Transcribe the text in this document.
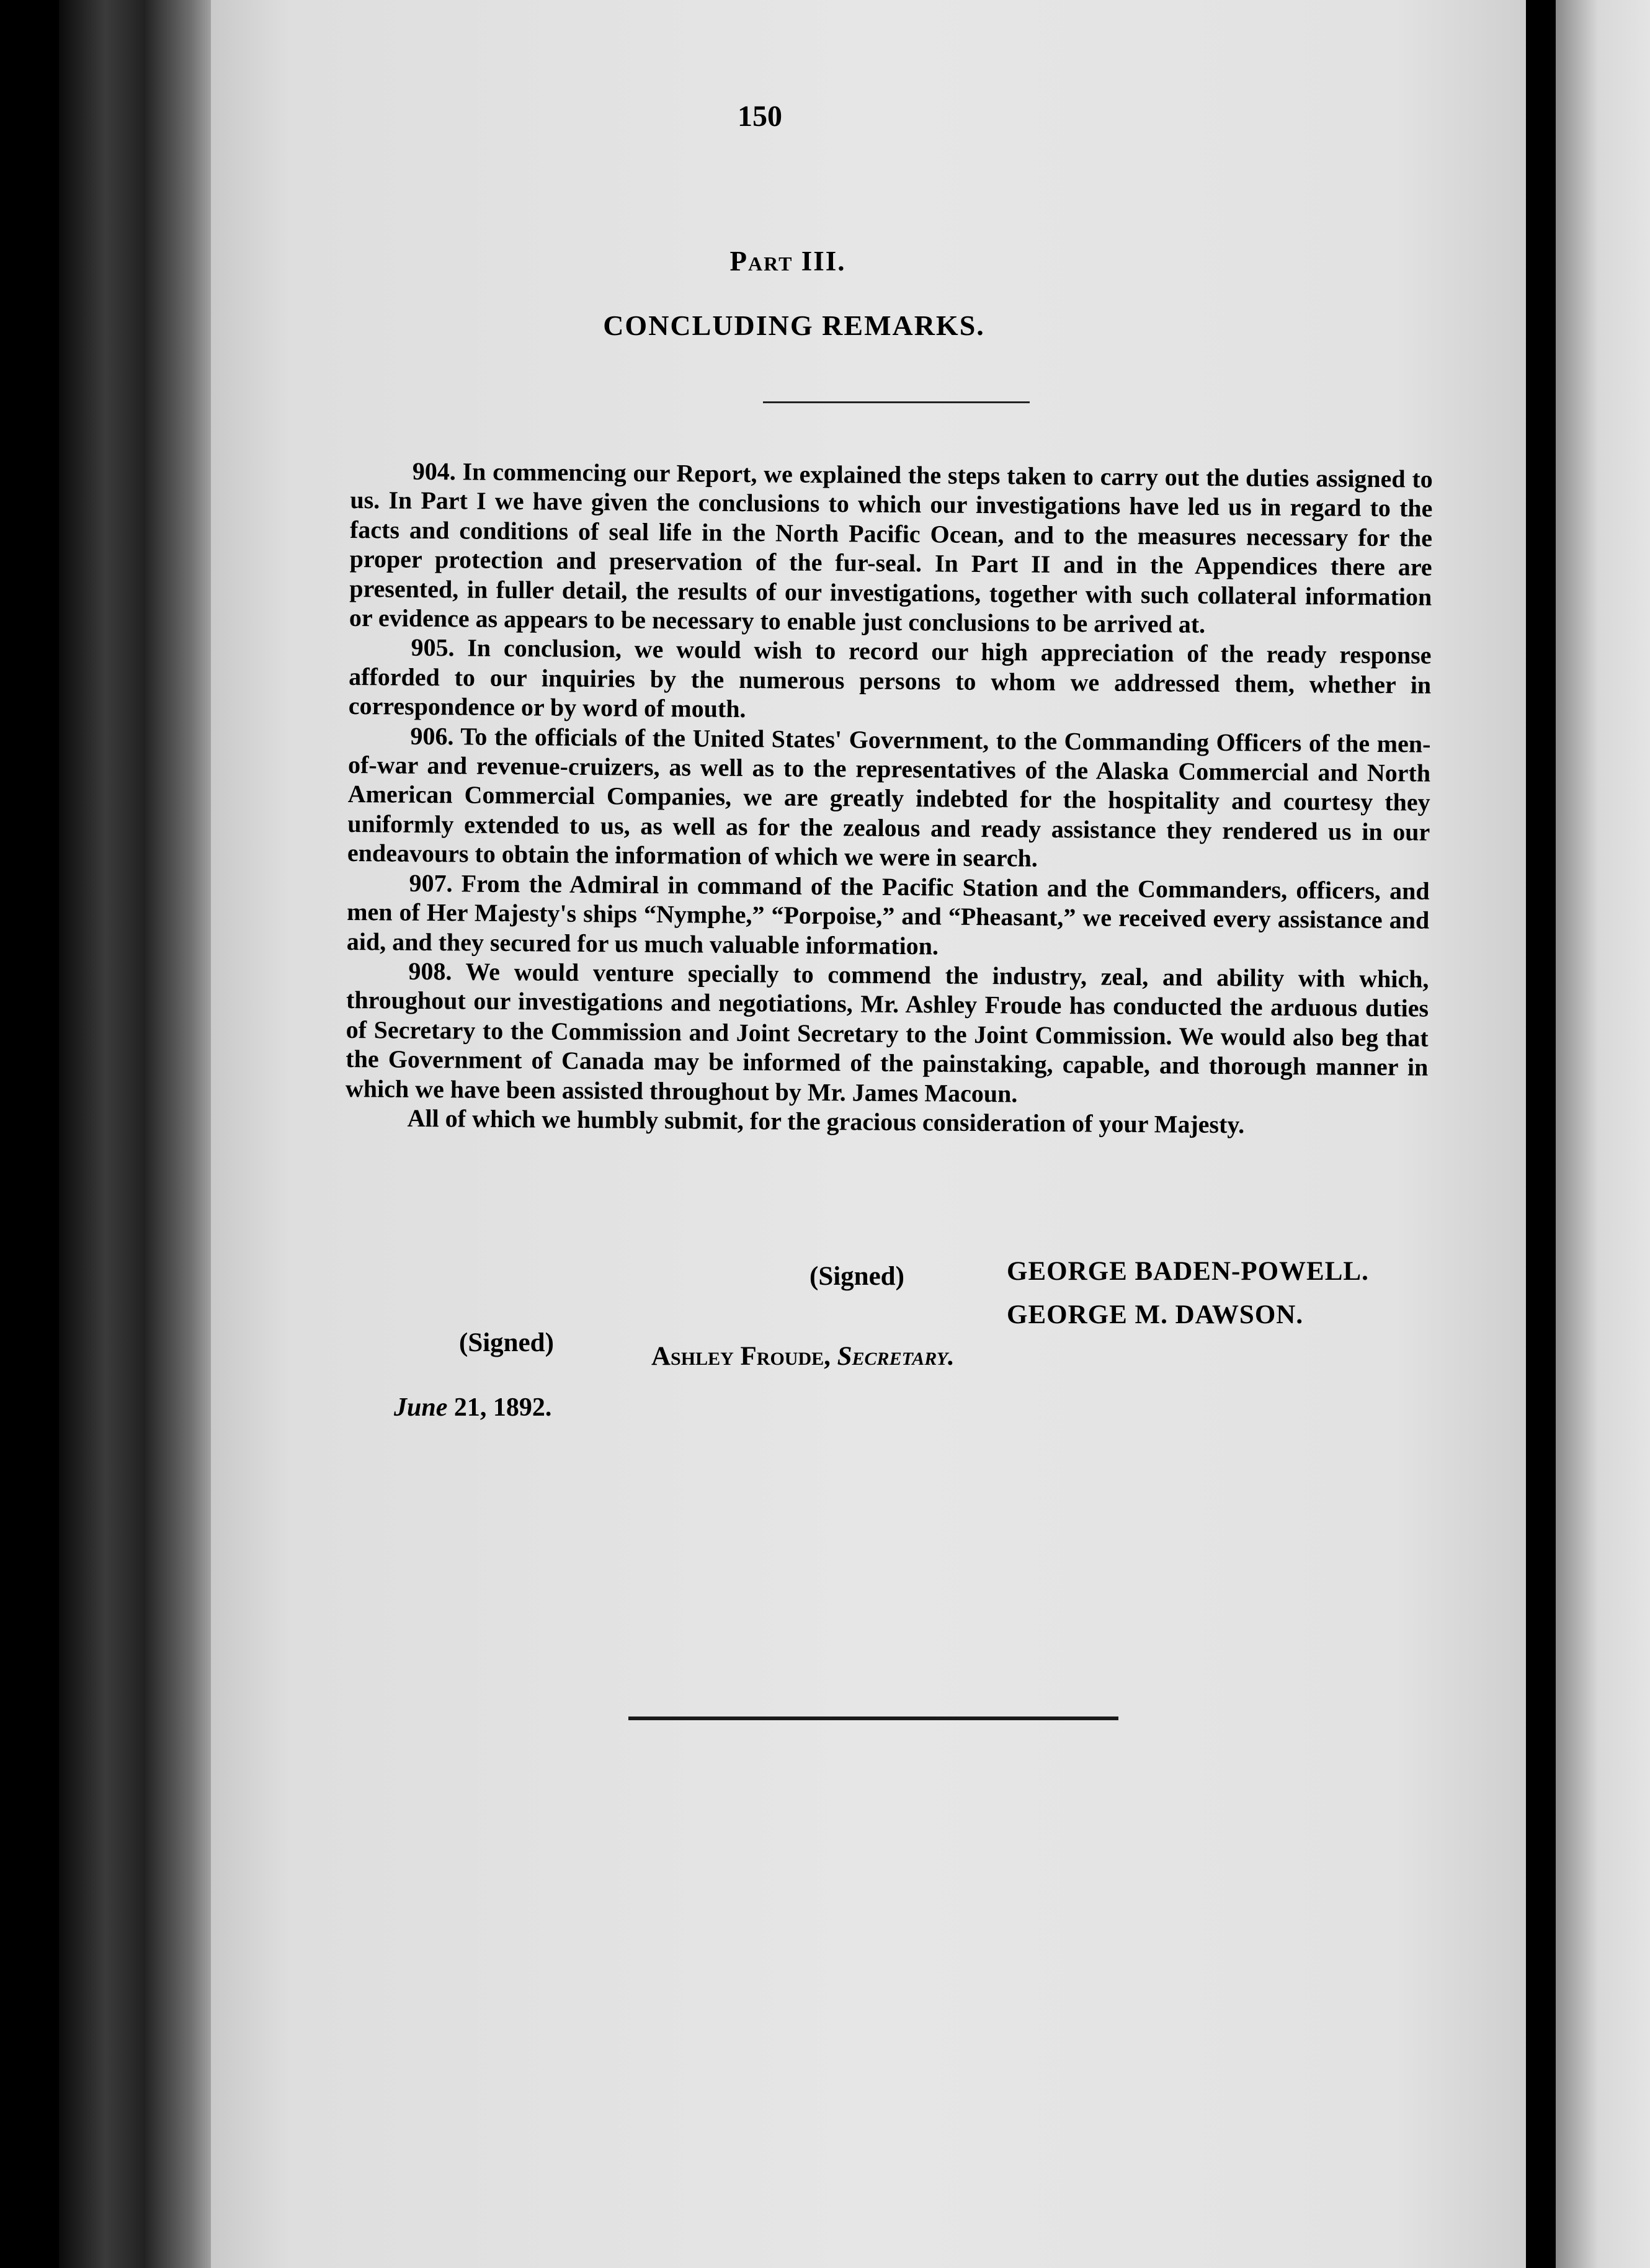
150
Part III.
CONCLUDING REMARKS.

904. In commencing our Report, we explained the steps taken to carry out the duties assigned to us. In Part I we have given the conclusions to which our investigations have led us in regard to the facts and conditions of seal life in the North Pacific Ocean, and to the measures necessary for the proper protection and preservation of the fur-seal. In Part II and in the Appendices there are presented, in fuller detail, the results of our investigations, together with such collateral information or evidence as appears to be necessary to enable just conclusions to be arrived at.

905. In conclusion, we would wish to record our high appreciation of the ready response afforded to our inquiries by the numerous persons to whom we addressed them, whether in correspondence or by word of mouth.

906. To the officials of the United States' Government, to the Commanding Officers of the men-of-war and revenue-cruizers, as well as to the representatives of the Alaska Commercial and North American Commercial Companies, we are greatly indebted for the hospitality and courtesy they uniformly extended to us, as well as for the zealous and ready assistance they rendered us in our endeavours to obtain the information of which we were in search.

907. From the Admiral in command of the Pacific Station and the Commanders, officers, and men of Her Majesty's ships “Nymphe,” “Porpoise,” and “Pheasant,” we received every assistance and aid, and they secured for us much valuable information.

908. We would venture specially to commend the industry, zeal, and ability with which, throughout our investigations and negotiations, Mr. Ashley Froude has conducted the arduous duties of Secretary to the Commission and Joint Secretary to the Joint Commission. We would also beg that the Government of Canada may be informed of the painstaking, capable, and thorough manner in which we have been assisted throughout by Mr. James Macoun.

All of which we humbly submit, for the gracious consideration of your Majesty.

(Signed)	GEORGE BADEN-POWELL.
GEORGE M. DAWSON.
(Signed)	Ashley Froude, Secretary.
June 21, 1892.
